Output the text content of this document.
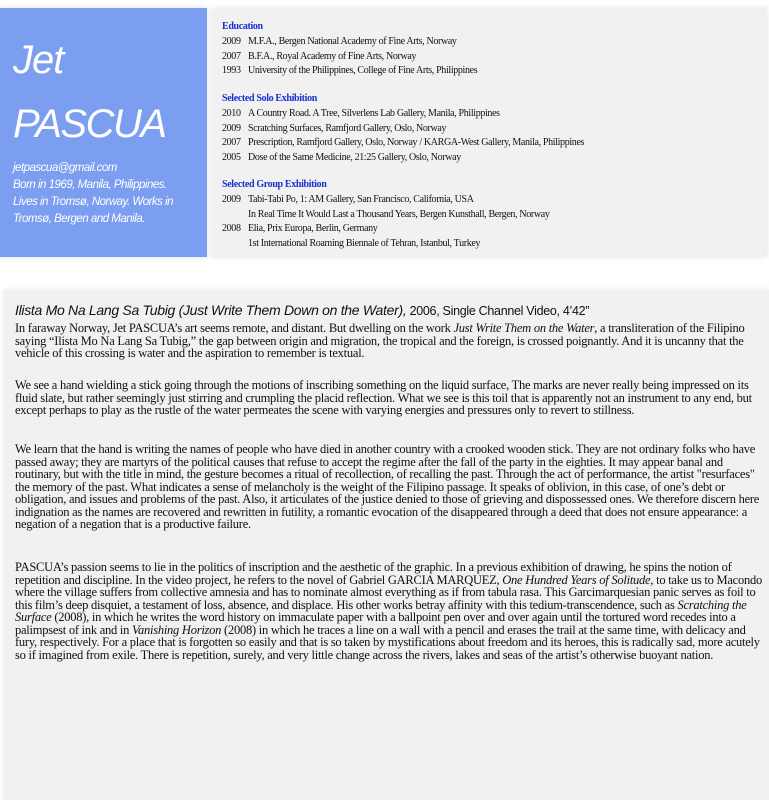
Jet
PASCUA
jetpascua@gmail.com
Born in 1969, Manila, Philippines.
Lives in Tromsø, Norway. Works in
Tromsø, Bergen and Manila.
Education
2009 M.F.A., Bergen National Academy of Fine Arts, Norway
2007 B.F.A., Royal Academy of Fine Arts, Norway
1993 University of the Philippines, College of Fine Arts, Philippines
Selected Solo Exhibition
2010 A Country Road. A Tree, Silverlens Lab Gallery, Manila, Philippines
2009 Scratching Surfaces, Ramfjord Gallery, Oslo, Norway
2007 Prescription, Ramfjord Gallery, Oslo, Norway / KARGA-West Gallery, Manila, Philippines
2005 Dose of the Same Medicine, 21:25 Gallery, Oslo, Norway
Selected Group Exhibition
2009 Tabi-Tabi Po, 1: AM Gallery, San Francisco, California, USA
In Real Time It Would Last a Thousand Years, Bergen Kunsthall, Bergen, Norway
2008 Elia, Prix Europa, Berlin, Germany
1st International Roaming Biennale of Tehran, Istanbul, Turkey
Ilista Mo Na Lang Sa Tubig (Just Write Them Down on the Water), 2006, Single Channel Video, 4’42”
In faraway Norway, Jet PASCUA’s art seems remote, and distant. But dwelling on the work Just Write Them on the Water, a transliteration of the Filipino saying “Ilista Mo Na Lang Sa Tubig,” the gap between origin and migration, the tropical and the foreign, is crossed poignantly. And it is uncanny that the vehicle of this crossing is water and the aspiration to remember is textual.
We see a hand wielding a stick going through the motions of inscribing something on the liquid surface, The marks are never really being impressed on its fluid slate, but rather seemingly just stirring and crumpling the placid reflection. What we see is this toil that is apparently not an instrument to any end, but except perhaps to play as the rustle of the water permeates the scene with varying energies and pressures only to revert to stillness.
We learn that the hand is writing the names of people who have died in another country with a crooked wooden stick. They are not ordinary folks who have passed away; they are martyrs of the political causes that refuse to accept the regime after the fall of the party in the eighties. It may appear banal and routinary, but with the title in mind, the gesture becomes a ritual of recollection, of recalling the past. Through the act of performance, the artist "resurfaces" the memory of the past. What indicates a sense of melancholy is the weight of the Filipino passage. It speaks of oblivion, in this case, of one’s debt or obligation, and issues and problems of the past. Also, it articulates of the justice denied to those of grieving and dispossessed ones. We therefore discern here indignation as the names are recovered and rewritten in futility, a romantic evocation of the disappeared through a deed that does not ensure appearance: a negation of a negation that is a productive failure.
PASCUA’s passion seems to lie in the politics of inscription and the aesthetic of the graphic. In a previous exhibition of drawing, he spins the notion of repetition and discipline. In the video project, he refers to the novel of Gabriel GARCIA MARQUEZ, One Hundred Years of Solitude, to take us to Macondo where the village suffers from collective amnesia and has to nominate almost everything as if from tabula rasa. This Garcimarquesian panic serves as foil to this film’s deep disquiet, a testament of loss, absence, and displace. His other works betray affinity with this tedium-transcendence, such as Scratching the Surface (2008), in which he writes the word history on immaculate paper with a ballpoint pen over and over again until the tortured word recedes into a palimpsest of ink and in Vanishing Horizon (2008) in which he traces a line on a wall with a pencil and erases the trail at the same time, with delicacy and fury, respectively. For a place that is forgotten so easily and that is so taken by mystifications about freedom and its heroes, this is radically sad, more acutely so if imagined from exile. There is repetition, surely, and very little change across the rivers, lakes and seas of the artist’s otherwise buoyant nation.
